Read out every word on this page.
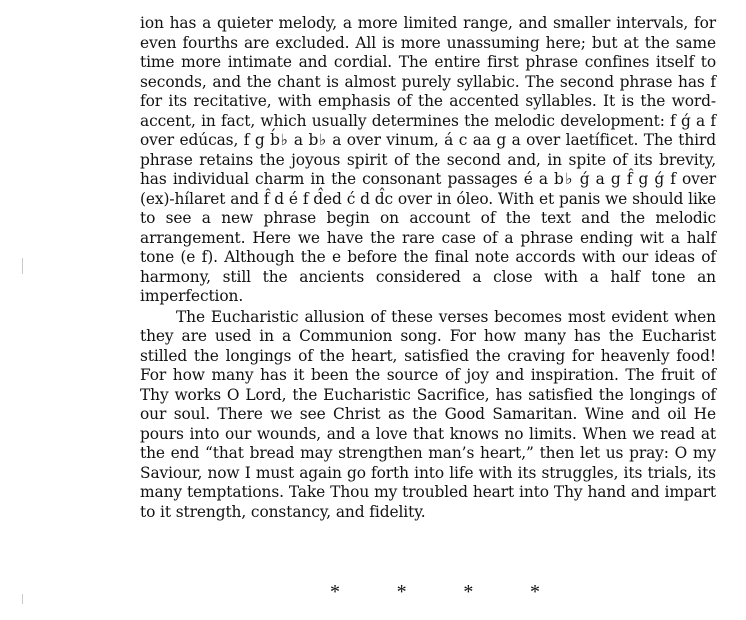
ion has a quieter melody, a more limited range, and smaller intervals, for even fourths are excluded. All is more unassuming here; but at the same time more intimate and cordial. The entire first phrase confines itself to seconds, and the chant is almost purely syllabic. The second phrase has f for its recitative, with emphasis of the accented syllables. It is the word-accent, in fact, which usually determines the melodic development: f ǵ a f over edúcas, f g b́♭ a b♭ a over vinum, á c aa g a over laetíficet. The third phrase retains the joyous spirit of the second and, in spite of its brevity, has individual charm in the consonant passages é a b♭ ǵ a g f̂ g ǵ f over (ex)-hílaret and f̂ d é f d̂ed ć d d̂c over in óleo. With et panis we should like to see a new phrase begin on account of the text and the melodic arrangement. Here we have the rare case of a phrase ending wit a half tone (e f). Although the e before the final note accords with our ideas of harmony, still the ancients considered a close with a half tone an imperfection.

The Eucharistic allusion of these verses becomes most evident when they are used in a Communion song. For how many has the Eucharist stilled the longings of the heart, satisfied the craving for heavenly food! For how many has it been the source of joy and inspiration. The fruit of Thy works O Lord, the Eucharistic Sacrifice, has satisfied the longings of our soul. There we see Christ as the Good Samaritan. Wine and oil He pours into our wounds, and a love that knows no limits. When we read at the end “that bread may strengthen man’s heart,” then let us pray: O my Saviour, now I must again go forth into life with its struggles, its trials, its many temptations. Take Thou my troubled heart into Thy hand and impart to it strength, constancy, and fidelity.

*	*	*	*
